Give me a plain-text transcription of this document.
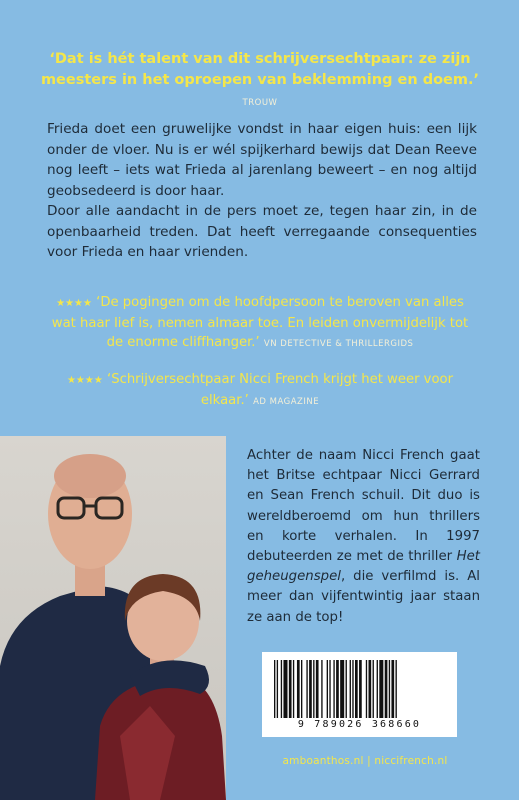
‘Dat is hét talent van dit schrijversechtpaar: ze zijn meesters in het oproepen van beklemming en doem.’ TROUW

Frieda doet een gruwelijke vondst in haar eigen huis: een lijk onder de vloer. Nu is er wél spijkerhard bewijs dat Dean Reeve nog leeft – iets wat Frieda al jarenlang beweert – en nog altijd geobsedeerd is door haar.

Door alle aandacht in de pers moet ze, tegen haar zin, in de openbaarheid treden. Dat heeft verregaande consequenties voor Frieda en haar vrienden.

★★★★ ‘De pogingen om de hoofdpersoon te beroven van alles wat haar lief is, nemen almaar toe. En leiden onvermijdelijk tot de enorme cliffhanger.’ VN DETECTIVE & THRILLERGIDS
★★★★ ‘Schrijversechtpaar Nicci French krijgt het weer voor elkaar.’ AD MAGAZINE

Achter de naam Nicci French gaat het Britse echtpaar Nicci Gerrard en Sean French schuil. Dit duo is wereldberoemd om hun thrillers en korte verhalen. In 1997 debuteerden ze met de thriller Het geheugenspel, die verfilmd is. Al meer dan vijfentwintig jaar staan ze aan de top!

9 789026 368660
amboanthos.nl | niccifrench.nl
